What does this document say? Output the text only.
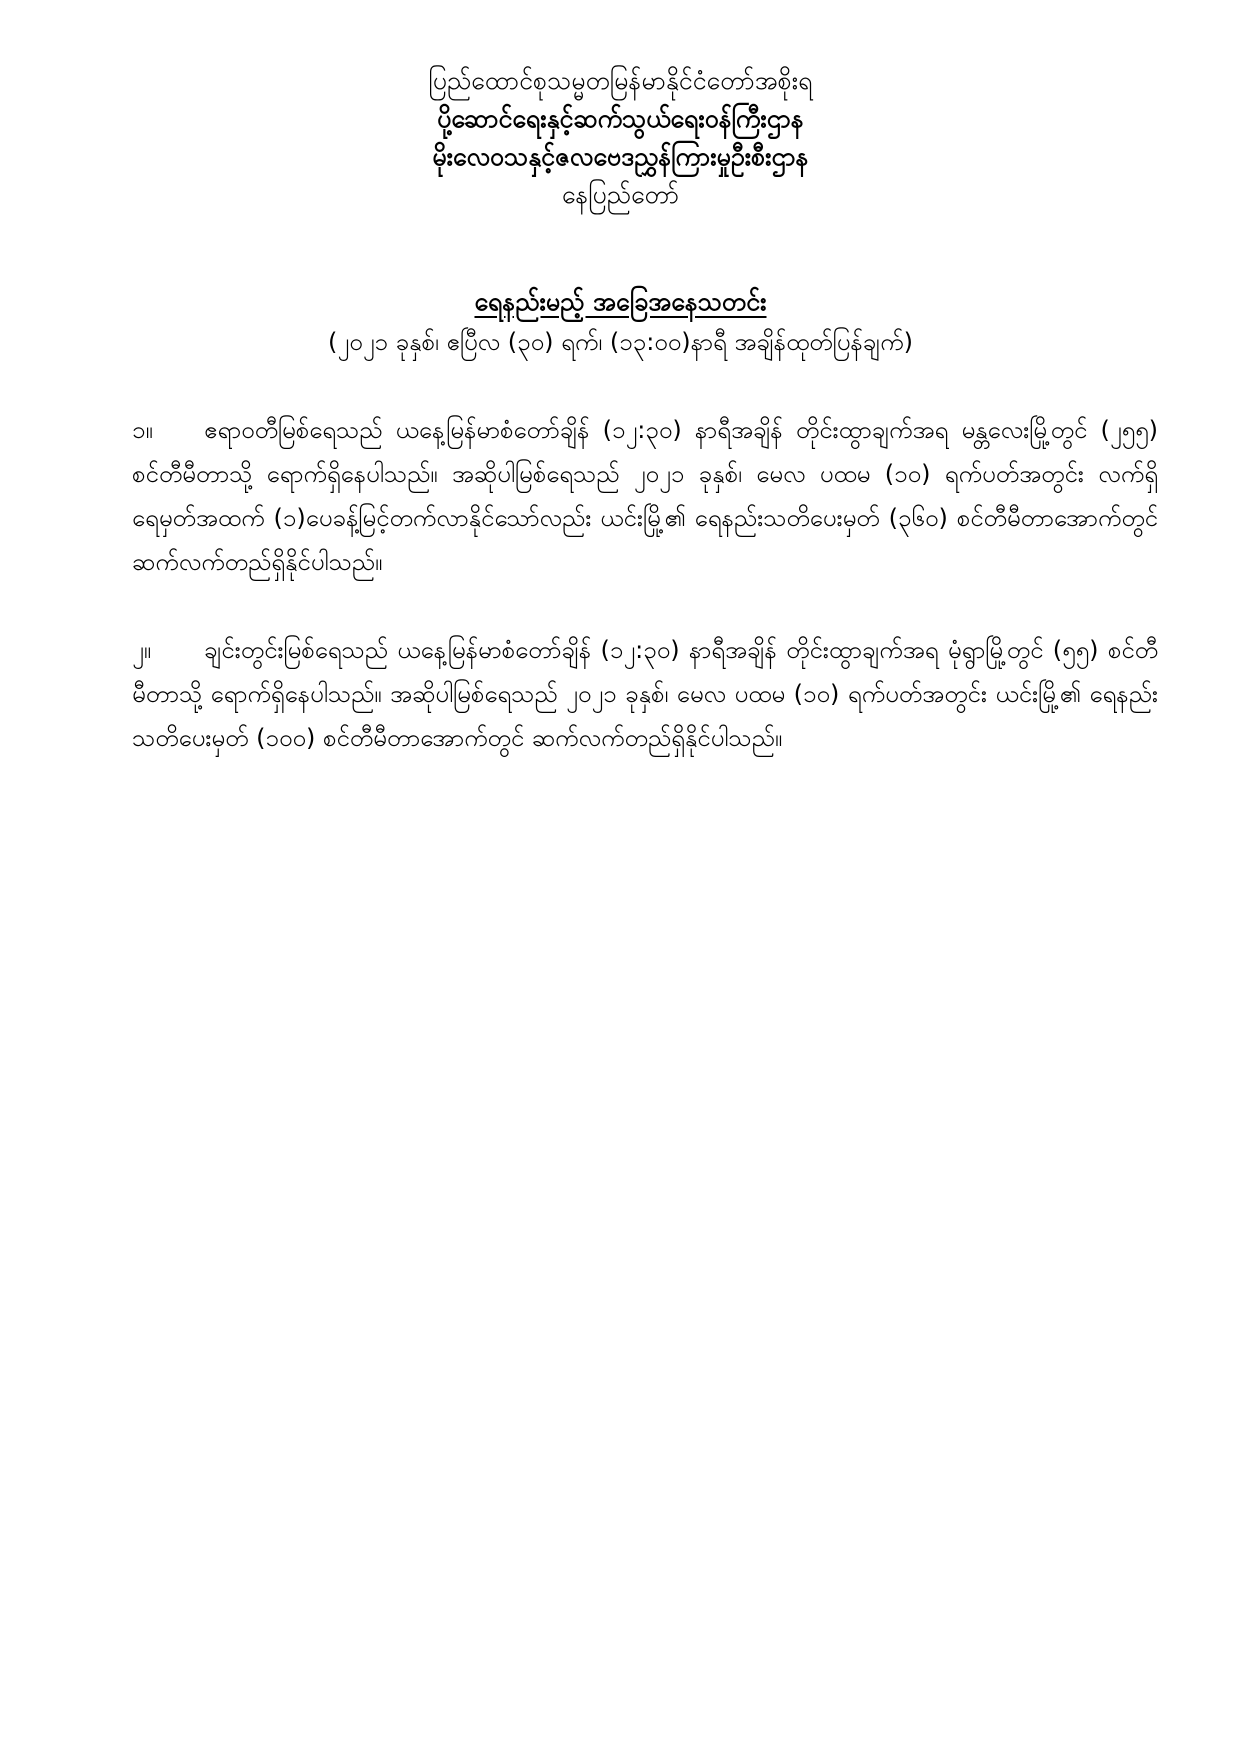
ပြည်ထောင်စုသမ္မတမြန်မာနိုင်ငံတော်အစိုးရ
ပို့ဆောင်ရေးနှင့်ဆက်သွယ်ရေးဝန်ကြီးဌာန
မိုးလေဝသနှင့်ဇလဗေဒညွှန်ကြားမှုဦးစီးဌာန
နေပြည်တော်
ရေနည်းမည့် အခြေအနေသတင်း
(၂၀၂၁ ခုနှစ်၊ ဧပြီလ (၃၀) ရက်၊ (၁၃:၀၀)နာရီ အချိန်ထုတ်ပြန်ချက်)
၁။ ဧရာဝတီမြစ်ရေသည် ယနေ့မြန်မာစံတော်ချိန် (၁၂:၃၀) နာရီအချိန် တိုင်းထွာချက်အရ မန္တလေးမြို့တွင် (၂၅၅) စင်တီမီတာသို့ ရောက်ရှိနေပါသည်။ အဆိုပါမြစ်ရေသည် ၂၀၂၁ ခုနှစ်၊ မေလ ပထမ (၁၀) ရက်ပတ်အတွင်း လက်ရှိရေမှတ်အထက် (၁)ပေခန့်မြင့်တက်လာနိုင်သော်လည်း ယင်းမြို့၏ ရေနည်းသတိပေးမှတ် (၃၆၀) စင်တီမီတာအောက်တွင် ဆက်လက်တည်ရှိနိုင်ပါသည်။
၂။ ချင်းတွင်းမြစ်ရေသည် ယနေ့မြန်မာစံတော်ချိန် (၁၂:၃၀) နာရီအချိန် တိုင်းထွာချက်အရ မုံရွာမြို့တွင် (၅၅) စင်တီမီတာသို့ ရောက်ရှိနေပါသည်။ အဆိုပါမြစ်ရေသည် ၂၀၂၁ ခုနှစ်၊ မေလ ပထမ (၁၀) ရက်ပတ်အတွင်း ယင်းမြို့၏ ရေနည်းသတိပေးမှတ် (၁၀၀) စင်တီမီတာအောက်တွင် ဆက်လက်တည်ရှိနိုင်ပါသည်။
